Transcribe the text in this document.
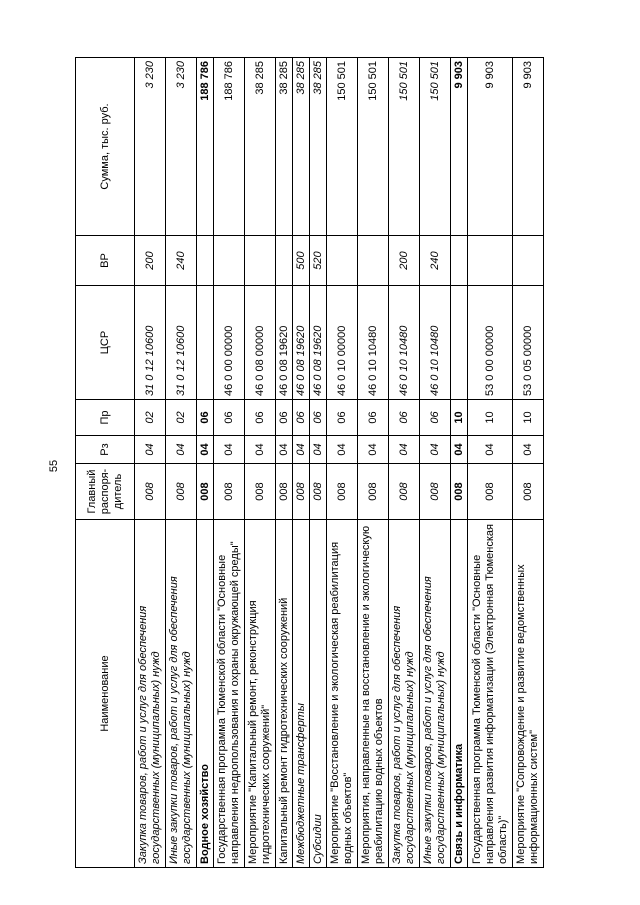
55
Наименование	Главный распоря-дитель	Рз	Пр	ЦСР	ВР	Сумма, тыс. руб.
Закупка товаров, работ и услуг для обеспечения государственных (муниципальных) нужд	008	04	02	31 0 12 10600	200	3 230
Иные закупки товаров, работ и услуг для обеспечения государственных (муниципальных) нужд	008	04	02	31 0 12 10600	240	3 230
Водное хозяйство	008	04	06			188 786
Государственная программа Тюменской области "Основные направления недропользования и охраны окружающей среды"	008	04	06	46 0 00 00000		188 786
Мероприятие "Капитальный ремонт, реконструкция гидротехнических сооружений"	008	04	06	46 0 08 00000		38 285
Капитальный ремонт гидротехнических сооружений	008	04	06	46 0 08 19620		38 285
Межбюджетные трансферты	008	04	06	46 0 08 19620	500	38 285
Субсидии	008	04	06	46 0 08 19620	520	38 285
Мероприятие "Восстановление и экологическая реабилитация водных объектов"	008	04	06	46 0 10 00000		150 501
Мероприятия, направленные на восстановление и экологическую реабилитацию водных объектов	008	04	06	46 0 10 10480		150 501
Закупка товаров, работ и услуг для обеспечения государственных (муниципальных) нужд	008	04	06	46 0 10 10480	200	150 501
Иные закупки товаров, работ и услуг для обеспечения государственных (муниципальных) нужд	008	04	06	46 0 10 10480	240	150 501
Связь и информатика	008	04	10			9 903
Государственная программа Тюменской области "Основные направления развития информатизации (Электронная Тюменская область)"	008	04	10	53 0 00 00000		9 903
Мероприятие "Сопровождение и развитие ведомственных информационных систем"	008	04	10	53 0 05 00000		9 903
